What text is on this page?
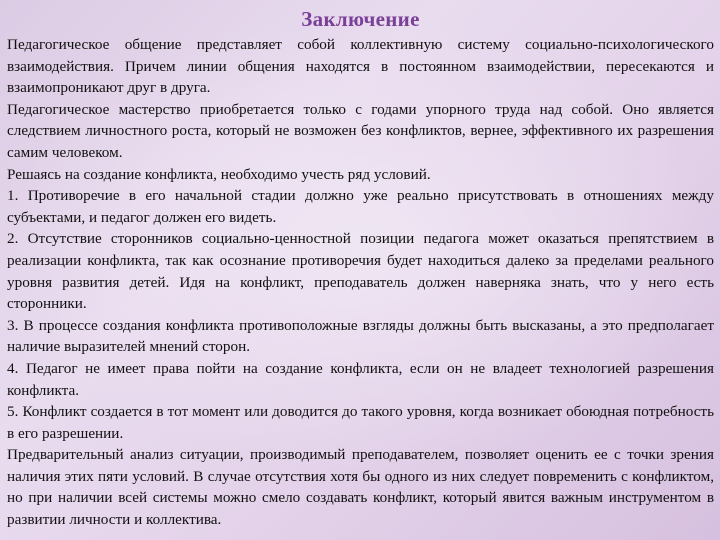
Заключение

Педагогическое общение представляет собой коллективную систему социально-психологического взаимодействия. Причем линии общения находятся в постоянном взаимодействии, пересекаются и взаимопроникают друг в друга.

Педагогическое мастерство приобретается только с годами упорного труда над собой. Оно является следствием личностного роста, который не возможен без конфликтов, вернее, эффективного их разрешения самим человеком.

Решаясь на создание конфликта, необходимо учесть ряд условий.

1. Противоречие в его начальной стадии должно уже реально присутствовать в отношениях между субъектами, и педагог должен его видеть.

2. Отсутствие сторонников социально-ценностной позиции педагога может оказаться препятствием в реализации конфликта, так как осознание противоречия будет находиться далеко за пределами реального уровня развития детей. Идя на конфликт, преподаватель должен наверняка знать, что у него есть сторонники.

3. В процессе создания конфликта противоположные взгляды должны быть высказаны, а это предполагает наличие выразителей мнений сторон.

4. Педагог не имеет права пойти на создание конфликта, если он не владеет технологией разрешения конфликта.

5. Конфликт создается в тот момент или доводится до такого уровня, когда возникает обоюдная потребность в его разрешении.

Предварительный анализ ситуации, производимый преподавателем, позволяет оценить ее с точки зрения наличия этих пяти условий. В случае отсутствия хотя бы одного из них следует повременить с конфликтом, но при наличии всей системы можно смело создавать конфликт, который явится важным инструментом в развитии личности и коллектива.
